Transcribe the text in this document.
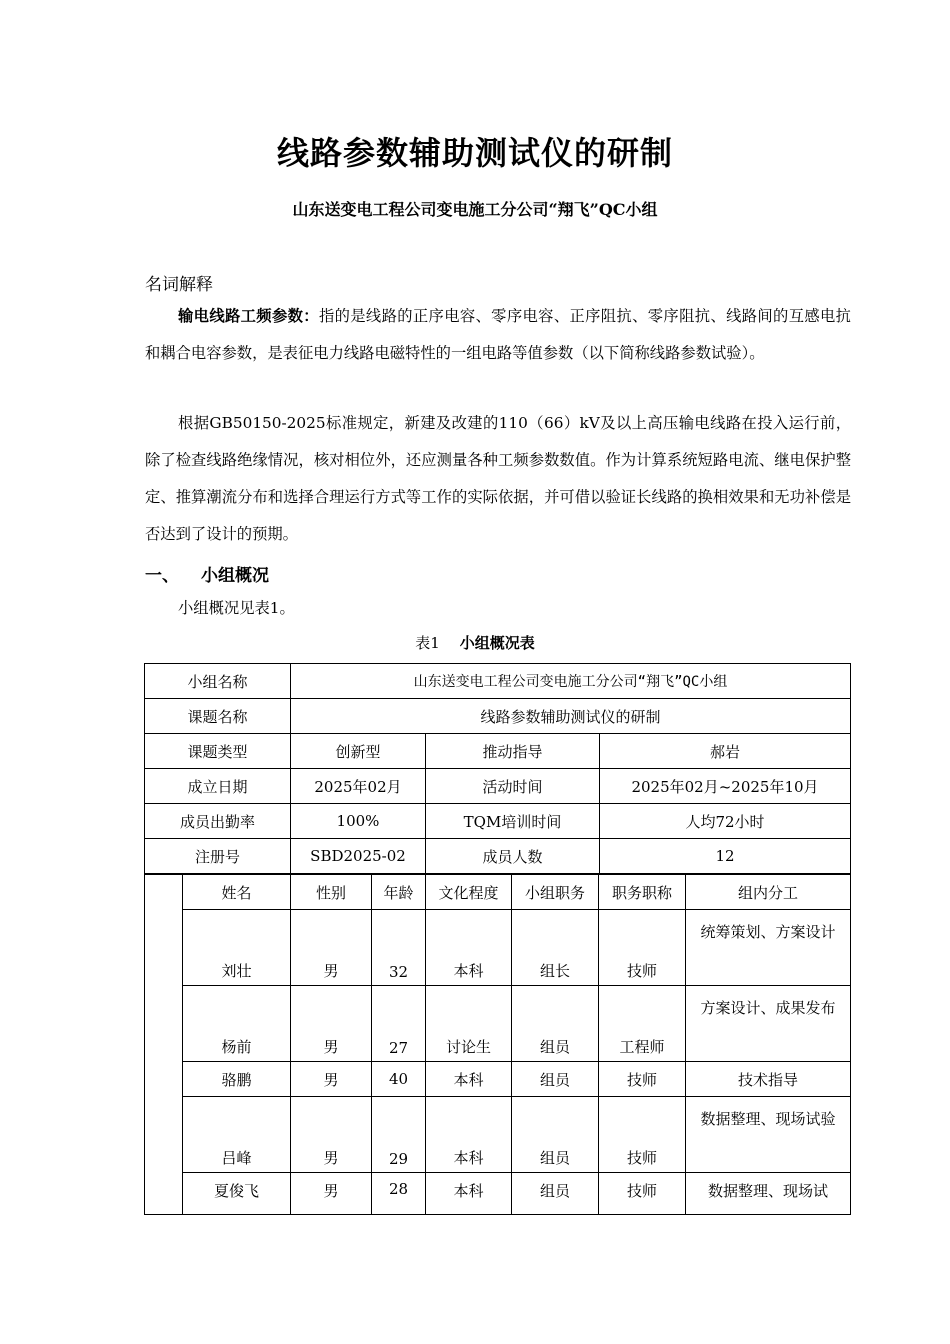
线路参数辅助测试仪的研制
山东送变电工程公司变电施工分公司“翔飞”QC小组
名词解释

输电线路工频参数：指的是线路的正序电容、零序电容、正序阻抗、零序阻抗、线路间的互感电抗和耦合电容参数，是表征电力线路电磁特性的一组电路等值参数（以下简称线路参数试验）。

根据GB50150-2025标准规定，新建及改建的110（66）kV及以上高压输电线路在投入运行前，除了检查线路绝缘情况，核对相位外，还应测量各种工频参数数值。作为计算系统短路电流、继电保护整定、推算潮流分布和选择合理运行方式等工作的实际依据，并可借以验证长线路的换相效果和无功补偿是否达到了设计的预期。

一、 小组概况
小组概况见表1。
表1 小组概况表
小组名称	山东送变电工程公司变电施工分公司“翔飞”QC小组		
课题名称	线路参数辅助测试仪的研制		
课题类型	创新型	推动指导	郝岩
成立日期	2025年02月	活动时间	2025年02月~2025年10月
成员出勤率	100%	TQM培训时间	人均72小时
注册号	SBD2025-02	成员人数	12
	姓名	性别	年龄	文化程度	小组职务	职务职称	组内分工
	刘壮	男	32	本科	组长	技师	统筹策划、方案设计
	杨前	男	27	讨论生	组员	工程师	方案设计、成果发布
	骆鹏	男	40	本科	组员	技师	技术指导
	吕峰	男	29	本科	组员	技师	数据整理、现场试验
	夏俊飞	男	28	本科	组员	技师	数据整理、现场试
